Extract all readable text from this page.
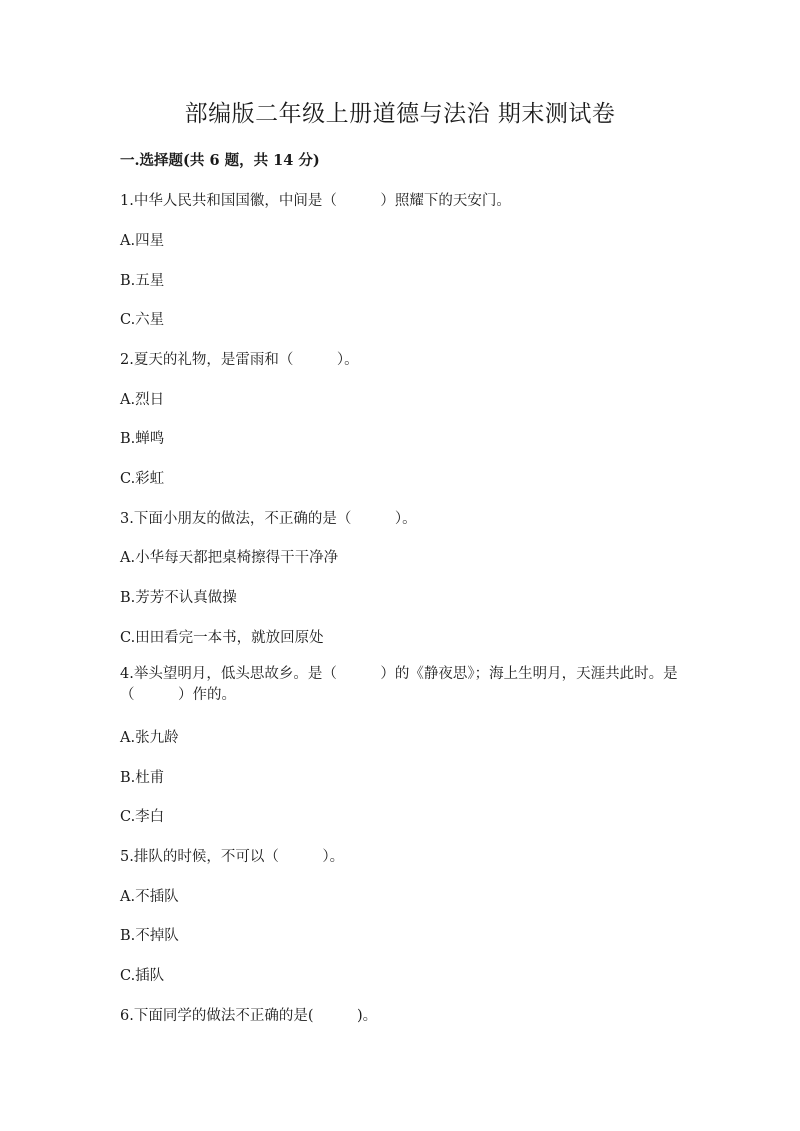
部编版二年级上册道德与法治 期末测试卷
一.选择题(共 6 题，共 14 分)
1.中华人民共和国国徽，中间是（　　　）照耀下的天安门。
A.四星
B.五星
C.六星
2.夏天的礼物，是雷雨和（　　　）。
A.烈日
B.蝉鸣
C.彩虹
3.下面小朋友的做法，不正确的是（　　　）。
A.小华每天都把桌椅擦得干干净净
B.芳芳不认真做操
C.田田看完一本书，就放回原处
4.举头望明月，低头思故乡。是（　　　）的《静夜思》；海上生明月，天涯共此时。是（　　　）作的。
A.张九龄
B.杜甫
C.李白
5.排队的时候，不可以（　　　）。
A.不插队
B.不掉队
C.插队
6.下面同学的做法不正确的是(　　　)。
